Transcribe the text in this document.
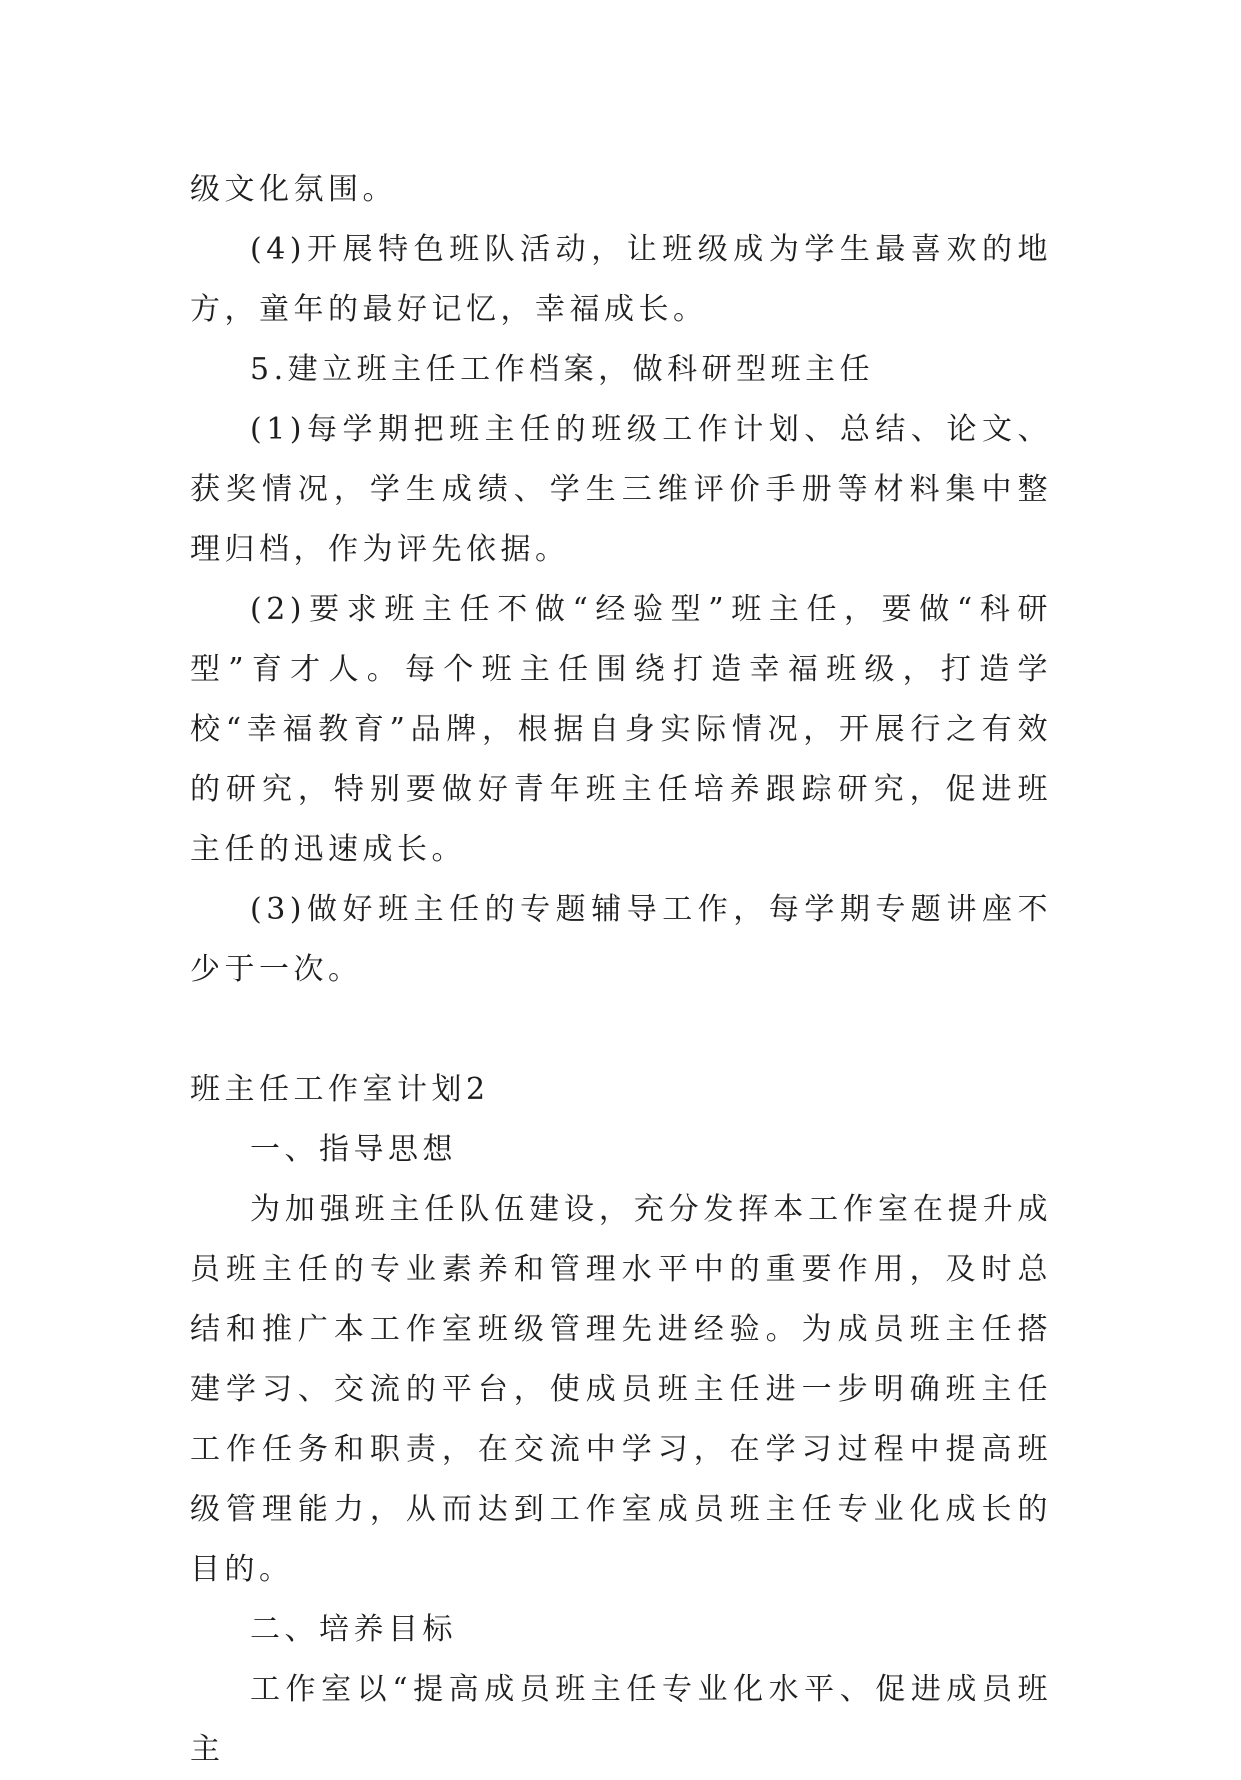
级文化氛围。

(4)开展特色班队活动，让班级成为学生最喜欢的地方，童年的最好记忆，幸福成长。

5.建立班主任工作档案，做科研型班主任

(1)每学期把班主任的班级工作计划、总结、论文、获奖情况，学生成绩、学生三维评价手册等材料集中整理归档，作为评先依据。

(2)要求班主任不做“经验型”班主任，要做“科研型”育才人。每个班主任围绕打造幸福班级，打造学校“幸福教育”品牌，根据自身实际情况，开展行之有效的研究，特别要做好青年班主任培养跟踪研究，促进班主任的迅速成长。

(3)做好班主任的专题辅导工作，每学期专题讲座不少于一次。

班主任工作室计划2

一、指导思想

为加强班主任队伍建设，充分发挥本工作室在提升成员班主任的专业素养和管理水平中的重要作用，及时总结和推广本工作室班级管理先进经验。为成员班主任搭建学习、交流的平台，使成员班主任进一步明确班主任工作任务和职责，在交流中学习，在学习过程中提高班级管理能力，从而达到工作室成员班主任专业化成长的目的。

二、培养目标

工作室以“提高成员班主任专业化水平、促进成员班主
